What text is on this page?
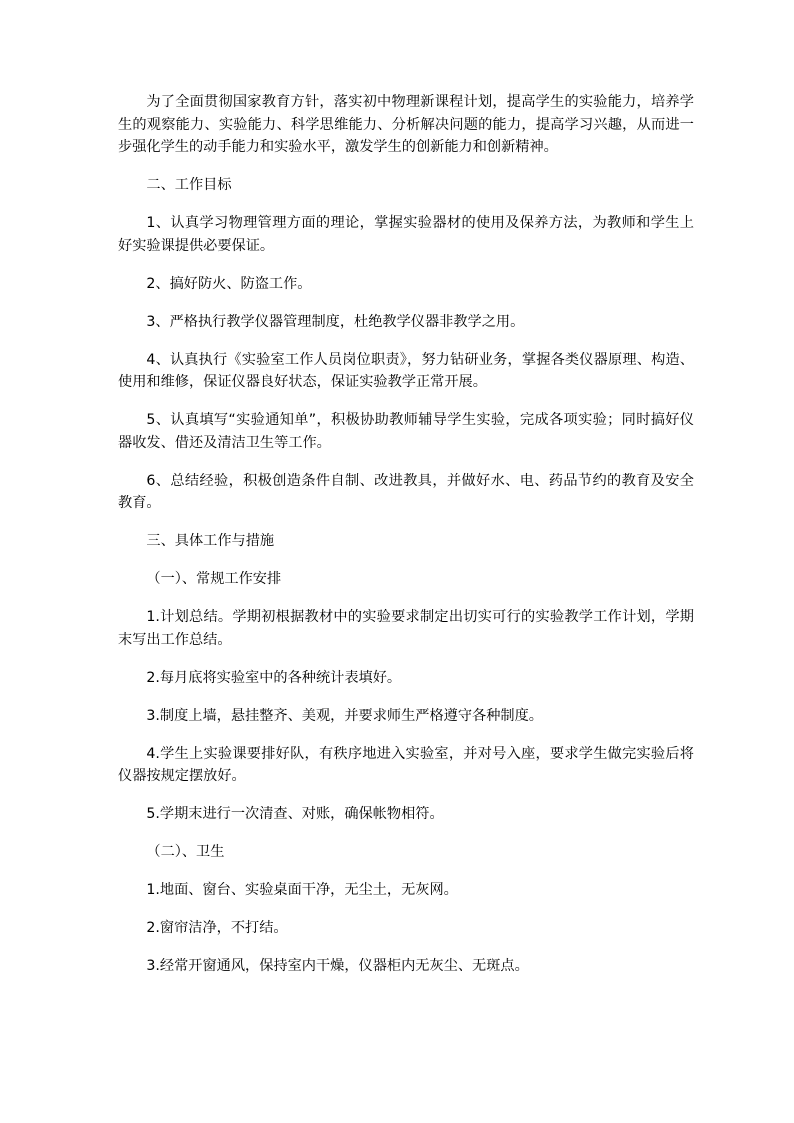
为了全面贯彻国家教育方针，落实初中物理新课程计划，提高学生的实验能力，培养学生的观察能力、实验能力、科学思维能力、分析解决问题的能力，提高学习兴趣，从而进一步强化学生的动手能力和实验水平，激发学生的创新能力和创新精神。

二、工作目标

1、认真学习物理管理方面的理论，掌握实验器材的使用及保养方法，为教师和学生上好实验课提供必要保证。

2、搞好防火、防盗工作。

3、严格执行教学仪器管理制度，杜绝教学仪器非教学之用。

4、认真执行《实验室工作人员岗位职责》，努力钻研业务，掌握各类仪器原理、构造、使用和维修，保证仪器良好状态，保证实验教学正常开展。

5、认真填写“实验通知单”，积极协助教师辅导学生实验，完成各项实验；同时搞好仪器收发、借还及清洁卫生等工作。

6、总结经验，积极创造条件自制、改进教具，并做好水、电、药品节约的教育及安全教育。

三、具体工作与措施

（一）、常规工作安排

1.计划总结。学期初根据教材中的实验要求制定出切实可行的实验教学工作计划，学期末写出工作总结。

2.每月底将实验室中的各种统计表填好。

3.制度上墙，悬挂整齐、美观，并要求师生严格遵守各种制度。

4.学生上实验课要排好队，有秩序地进入实验室，并对号入座，要求学生做完实验后将仪器按规定摆放好。

5.学期末进行一次清查、对账，确保帐物相符。

（二）、卫生

1.地面、窗台、实验桌面干净，无尘土，无灰网。

2.窗帘洁净，不打结。

3.经常开窗通风，保持室内干燥，仪器柜内无灰尘、无斑点。
